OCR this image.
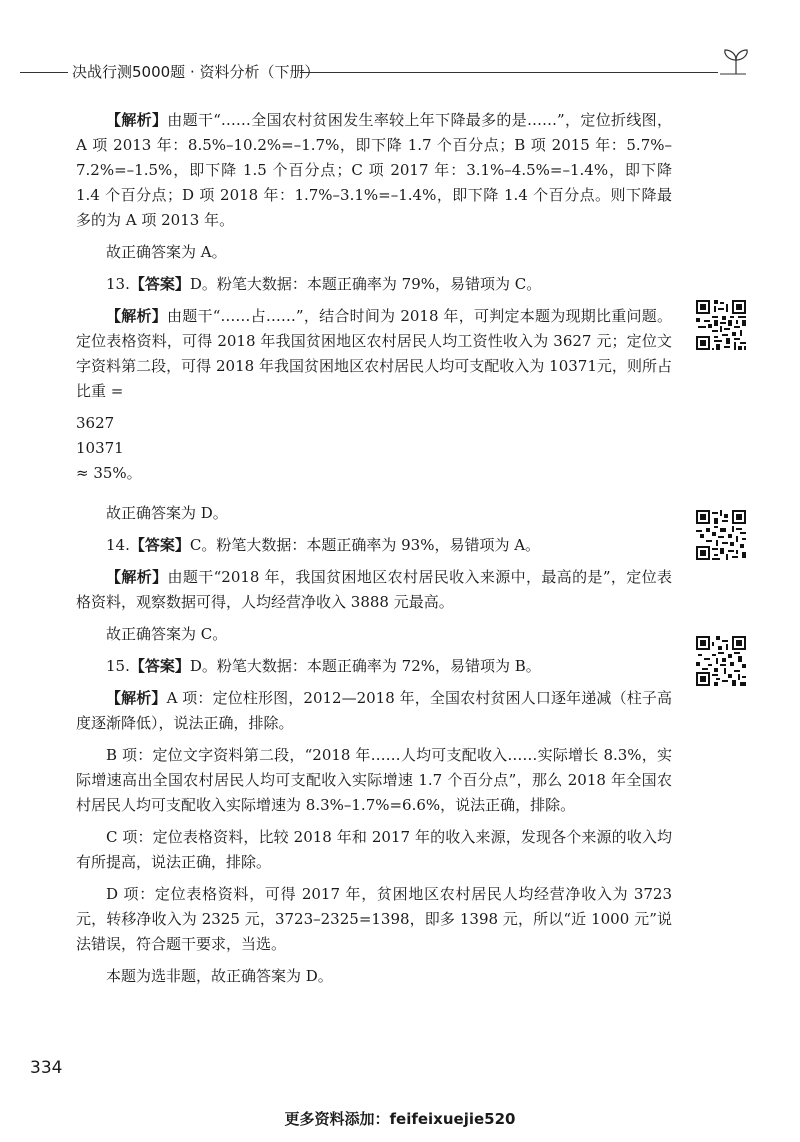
决战行测5000题 · 资料分析（下册）

【解析】由题干“……全国农村贫困发生率较上年下降最多的是……”，定位折线图，A 项 2013 年：8.5%–10.2%=–1.7%，即下降 1.7 个百分点；B 项 2015 年：5.7%–7.2%=–1.5%，即下降 1.5 个百分点；C 项 2017 年：3.1%–4.5%=–1.4%，即下降 1.4 个百分点；D 项 2018 年：1.7%–3.1%=–1.4%，即下降 1.4 个百分点。则下降最多的为 A 项 2013 年。

故正确答案为 A。

13.【答案】D。粉笔大数据：本题正确率为 79%，易错项为 C。

【解析】由题干“……占……”，结合时间为 2018 年，可判定本题为现期比重问题。定位表格资料，可得 2018 年我国贫困地区农村居民人均工资性收入为 3627 元；定位文字资料第二段，可得 2018 年我国贫困地区农村居民人均可支配收入为 10371元，则所占比重 =

3627
10371
≈ 35%。

故正确答案为 D。

14.【答案】C。粉笔大数据：本题正确率为 93%，易错项为 A。

【解析】由题干“2018 年，我国贫困地区农村居民收入来源中，最高的是”，定位表格资料，观察数据可得，人均经营净收入 3888 元最高。

故正确答案为 C。

15.【答案】D。粉笔大数据：本题正确率为 72%，易错项为 B。

【解析】A 项：定位柱形图，2012—2018 年，全国农村贫困人口逐年递减（柱子高度逐渐降低），说法正确，排除。

B 项：定位文字资料第二段，“2018 年……人均可支配收入……实际增长 8.3%，实际增速高出全国农村居民人均可支配收入实际增速 1.7 个百分点”，那么 2018 年全国农村居民人均可支配收入实际增速为 8.3%–1.7%=6.6%，说法正确，排除。

C 项：定位表格资料，比较 2018 年和 2017 年的收入来源，发现各个来源的收入均有所提高，说法正确，排除。

D 项：定位表格资料，可得 2017 年，贫困地区农村居民人均经营净收入为 3723 元，转移净收入为 2325 元，3723–2325=1398，即多 1398 元，所以“近 1000 元”说法错误，符合题干要求，当选。

本题为选非题，故正确答案为 D。

334
更多资料添加：feifeixuejie520
